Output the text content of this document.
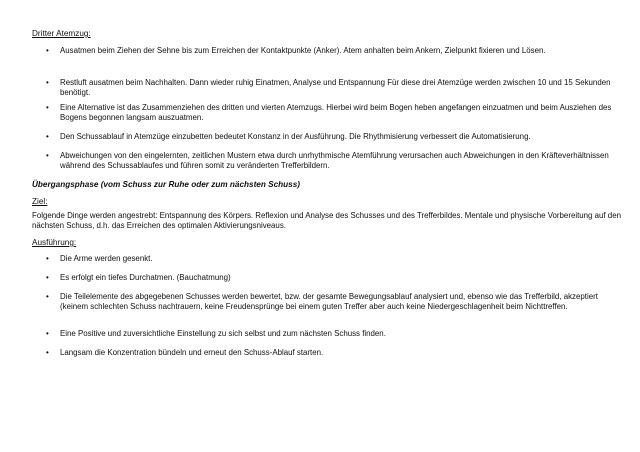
Dritter Atemzug:
• Ausatmen beim Ziehen der Sehne bis zum Erreichen der Kontaktpunkte (Anker). Atem anhalten beim Ankern, Zielpunkt fixieren und Lösen.
• Restluft ausatmen beim Nachhalten. Dann wieder ruhig Einatmen, Analyse und Entspannung Für diese drei Atemzüge werden zwischen 10 und 15 Sekunden benötigt.
• Eine Alternative ist das Zusammenziehen des dritten und vierten Atemzugs. Hierbei wird beim Bogen heben angefangen einzuatmen und beim Ausziehen des Bogens begonnen langsam auszuatmen.
• Den Schussablauf in Atemzüge einzubetten bedeutet Konstanz in der Ausführung. Die Rhythmisierung verbessert die Automatisierung.
• Abweichungen von den eingelernten, zeitlichen Mustern etwa durch unrhythmische Atemführung verursachen auch Abweichungen in den Kräfteverhältnissen während des Schussablaufes und führen somit zu veränderten Trefferbildern.
Übergangsphase (vom Schuss zur Ruhe oder zum nächsten Schuss)
Ziel:
Folgende Dinge werden angestrebt: Entspannung des Körpers. Reflexion und Analyse des Schusses und des Trefferbildes. Mentale und physische Vorbereitung auf den nächsten Schuss, d.h. das Erreichen des optimalen Aktivierungsniveaus.
Ausführung:
• Die Arme werden gesenkt.
• Es erfolgt ein tiefes Durchatmen. (Bauchatmung)
• Die Teilelemente des abgegebenen Schusses werden bewertet, bzw. der gesamte Bewegungsablauf analysiert und, ebenso wie das Trefferbild, akzeptiert (keinem schlechten Schuss nachtrauern, keine Freudensprünge bei einem guten Treffer aber auch keine Niedergeschlagenheit beim Nichttreffen.
• Eine Positive und zuversichtliche Einstellung zu sich selbst und zum nächsten Schuss finden.
• Langsam die Konzentration bündeln und erneut den Schuss-Ablauf starten.
